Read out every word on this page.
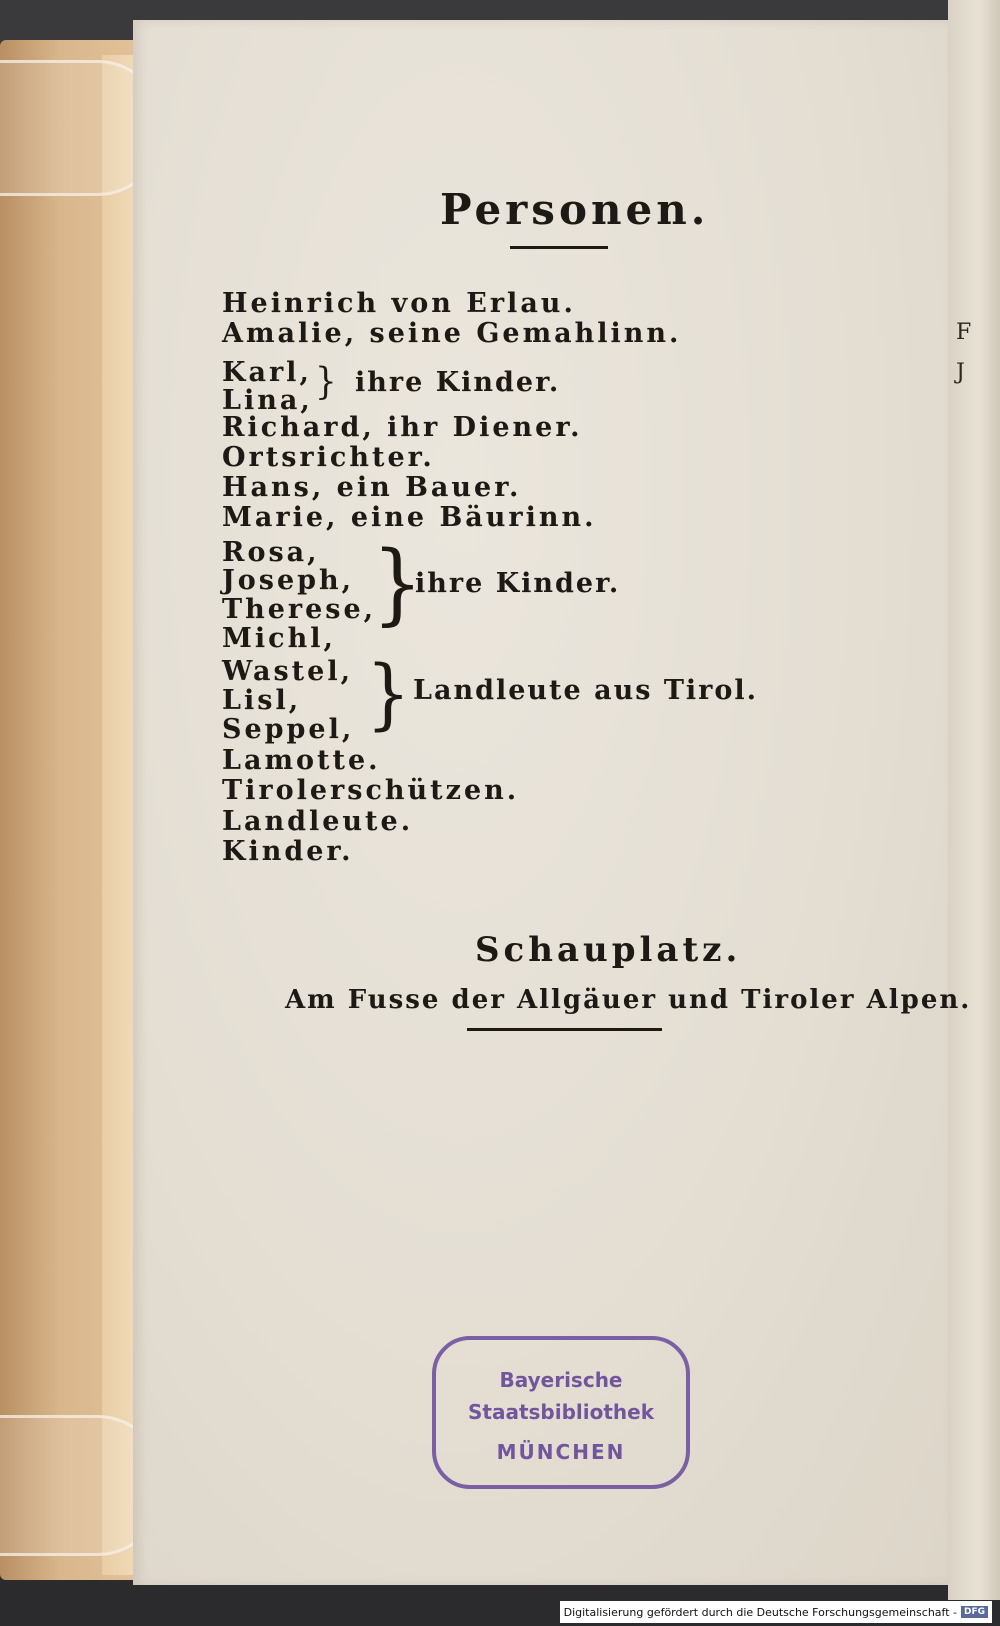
F
J
Personen.
Heinrich von Erlau.
Amalie, seine Gemahlinn.
Karl,
Lina, } ihre Kinder.
Richard, ihr Diener.
Ortsrichter.
Hans, ein Bauer.
Marie, eine Bäurinn.
Rosa,
Joseph,
Therese,
Michl,
}
ihre Kinder.
Wastel,
Lisl,
Seppel, } Landleute aus Tirol.
Lamotte.
Tirolerschützen.
Landleute.
Kinder.
Schauplatz.
Am Fusse der Allgäuer und Tiroler Alpen.
Bayerische
Staatsbibliothek
MÜNCHEN
Digitalisierung gefördert durch die Deutsche Forschungsgemeinschaft - DFG
